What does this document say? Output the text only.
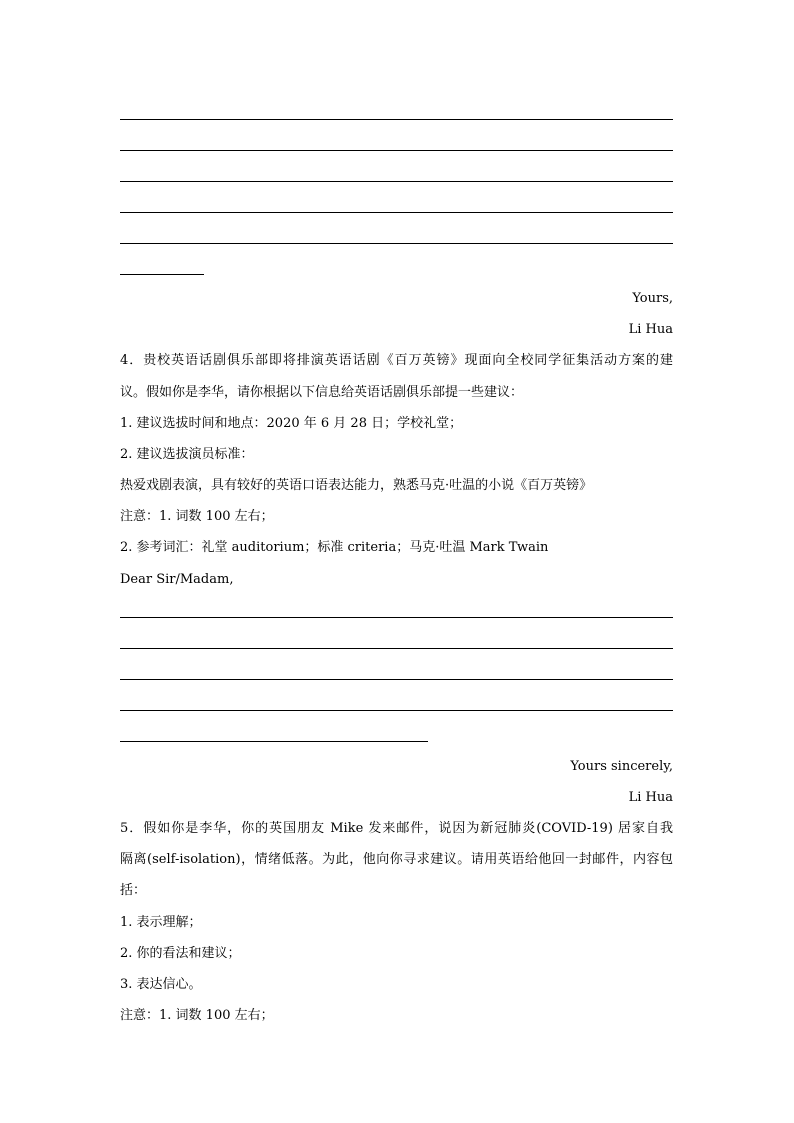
Yours,
Li Hua
4．贵校英语话剧俱乐部即将排演英语话剧《百万英镑》现面向全校同学征集活动方案的建
议。假如你是李华，请你根据以下信息给英语话剧俱乐部提一些建议：
1. 建议选拔时间和地点：2020 年 6 月 28 日；学校礼堂；
2. 建议选拔演员标准：
热爱戏剧表演，具有较好的英语口语表达能力，熟悉马克·吐温的小说《百万英镑》
注意：1. 词数 100 左右；
2. 参考词汇：礼堂 auditorium；标准 criteria；马克·吐温 Mark Twain
Dear Sir/Madam,
Yours sincerely,
Li Hua
5．假如你是李华，你的英国朋友 Mike 发来邮件，说因为新冠肺炎(COVID-19) 居家自我
隔离(self-isolation)，情绪低落。为此，他向你寻求建议。请用英语给他回一封邮件，内容包
括：
1. 表示理解；
2. 你的看法和建议；
3. 表达信心。
注意：1. 词数 100 左右；
